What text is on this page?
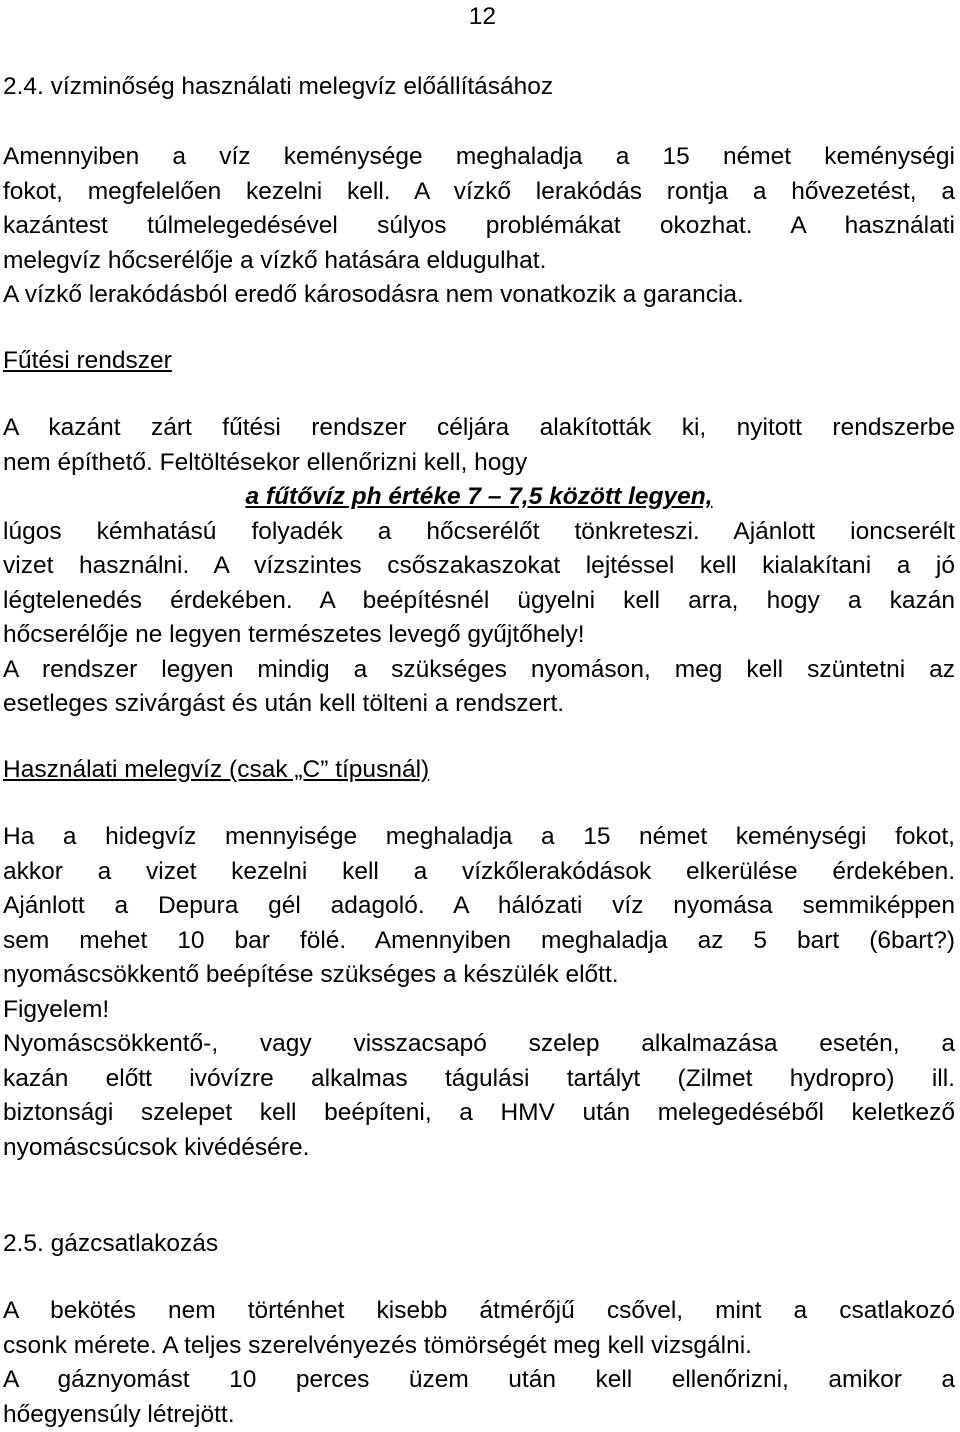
12
2.4. vízminőség használati melegvíz előállításához
Amennyiben a víz keménysége meghaladja a 15 német keménységi
fokot, megfelelően kezelni kell. A vízkő lerakódás rontja a hővezetést, a
kazántest túlmelegedésével súlyos problémákat okozhat. A használati
melegvíz hőcserélője a vízkő hatására eldugulhat.
A vízkő lerakódásból eredő károsodásra nem vonatkozik a garancia.
Fűtési rendszer
A kazánt zárt fűtési rendszer céljára alakították ki, nyitott rendszerbe
nem építhető. Feltöltésekor ellenőrizni kell, hogy
a fűtővíz ph értéke 7 – 7,5 között legyen,
lúgos kémhatású folyadék a hőcserélőt tönkreteszi. Ajánlott ioncserélt
vizet használni. A vízszintes csőszakaszokat lejtéssel kell kialakítani a jó
légtelenedés érdekében. A beépítésnél ügyelni kell arra, hogy a kazán
hőcserélője ne legyen természetes levegő gyűjtőhely!
A rendszer legyen mindig a szükséges nyomáson, meg kell szüntetni az
esetleges szivárgást és után kell tölteni a rendszert.
Használati melegvíz (csak „C” típusnál)
Ha a hidegvíz mennyisége meghaladja a 15 német keménységi fokot,
akkor a vizet kezelni kell a vízkőlerakódások elkerülése érdekében.
Ajánlott a Depura gél adagoló. A hálózati víz nyomása semmiképpen
sem mehet 10 bar fölé. Amennyiben meghaladja az 5 bart (6bart?)
nyomáscsökkentő beépítése szükséges a készülék előtt.
Figyelem!
Nyomáscsökkentő-, vagy visszacsapó szelep alkalmazása esetén, a
kazán előtt ivóvízre alkalmas tágulási tartályt (Zilmet hydropro) ill.
biztonsági szelepet kell beépíteni, a HMV után melegedéséből keletkező
nyomáscsúcsok kivédésére.
2.5. gázcsatlakozás
A bekötés nem történhet kisebb átmérőjű csővel, mint a csatlakozó
csonk mérete. A teljes szerelvényezés tömörségét meg kell vizsgálni.
A gáznyomást 10 perces üzem után kell ellenőrizni, amikor a
hőegyensúly létrejött.
